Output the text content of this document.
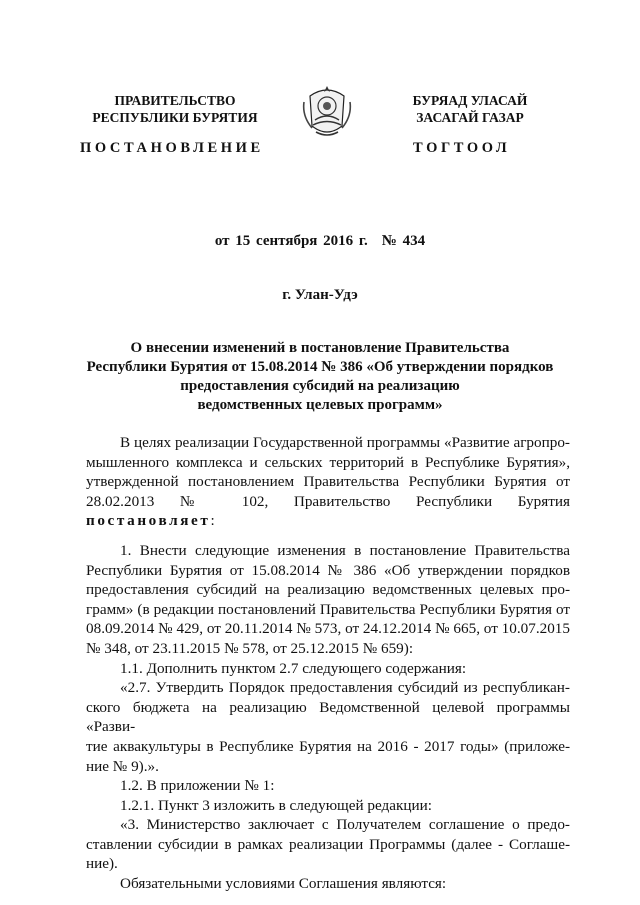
ПРАВИТЕЛЬСТВО
РЕСПУБЛИКИ БУРЯТИЯ
БУРЯАД УЛАСАЙ
ЗАСАГАЙ ГАЗАР
ПОСТАНОВЛЕНИЕ	ТОГТООЛ
от 15 сентября 2016 г. № 434
г. Улан-Удэ
О внесении изменений в постановление Правительства
Республики Бурятия от 15.08.2014 № 386 «Об утверждении порядков
предоставления субсидий на реализацию
ведомственных целевых программ»

В целях реализации Государственной программы «Развитие агропро-

мышленного комплекса и сельских территорий в Республике Бурятия»,

утвержденной постановлением Правительства Республики Бурятия от

28.02.2013 № 102, Правительство Республики Бурятия постановляет:

1. Внести следующие изменения в постановление Правительства

Республики Бурятия от 15.08.2014 № 386 «Об утверждении порядков

предоставления субсидий на реализацию ведомственных целевых про-

грамм» (в редакции постановлений Правительства Республики Бурятия от

08.09.2014 № 429, от 20.11.2014 № 573, от 24.12.2014 № 665, от 10.07.2015

№ 348, от 23.11.2015 № 578, от 25.12.2015 № 659):

1.1. Дополнить пунктом 2.7 следующего содержания:

«2.7. Утвердить Порядок предоставления субсидий из республикан-

ского бюджета на реализацию Ведомственной целевой программы «Разви-

тие аквакультуры в Республике Бурятия на 2016 - 2017 годы» (приложе-

ние № 9).».

1.2. В приложении № 1:

1.2.1. Пункт 3 изложить в следующей редакции:

«3. Министерство заключает с Получателем соглашение о предо-

ставлении субсидии в рамках реализации Программы (далее - Соглаше-

ние).

Обязательными условиями Соглашения являются:
